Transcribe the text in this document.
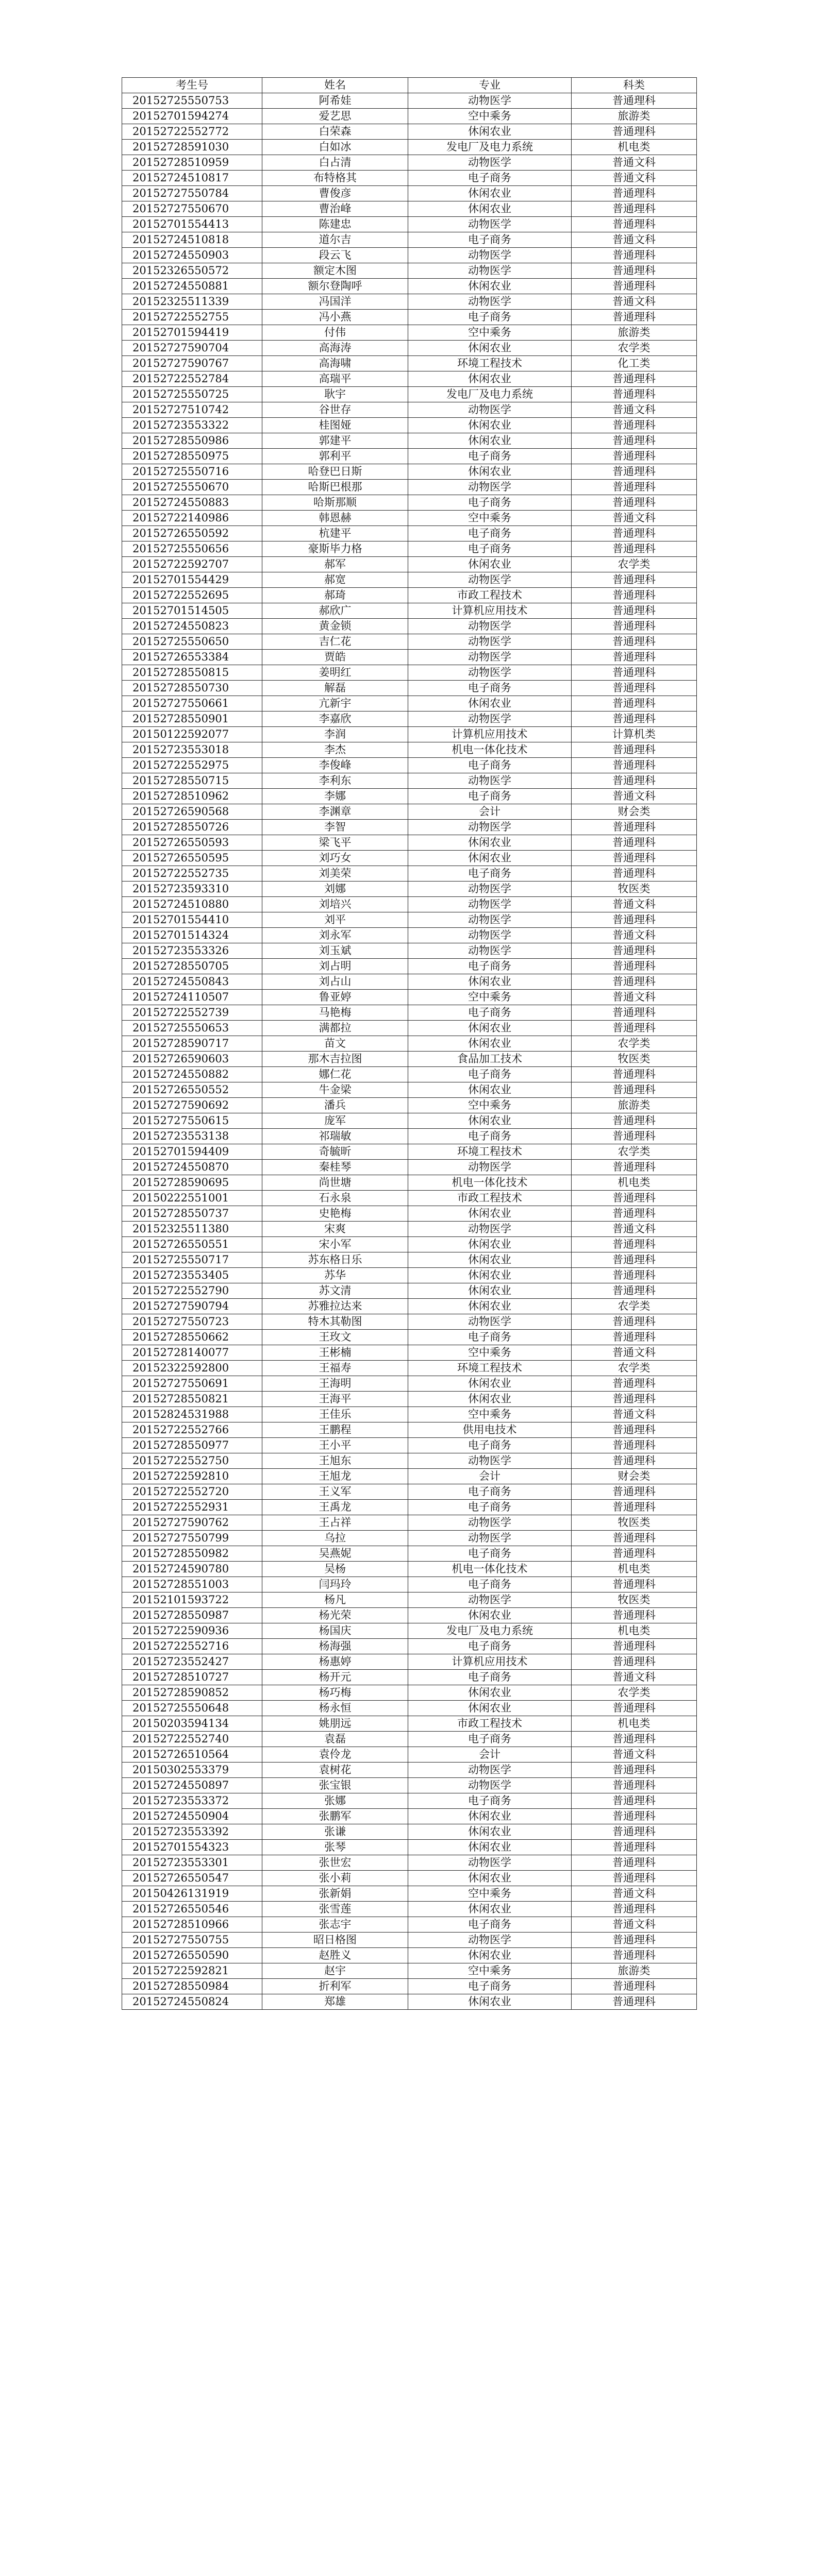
考生号	姓名	专业	科类
20152725550753	阿希娃	动物医学	普通理科
20152701594274	爱艺思	空中乘务	旅游类
20152722552772	白荣森	休闲农业	普通理科
20152728591030	白如冰	发电厂及电力系统	机电类
20152728510959	白占清	动物医学	普通文科
20152724510817	布特格其	电子商务	普通文科
20152727550784	曹俊彦	休闲农业	普通理科
20152727550670	曹治峰	休闲农业	普通理科
20152701554413	陈建忠	动物医学	普通理科
20152724510818	道尔吉	电子商务	普通文科
20152724550903	段云飞	动物医学	普通理科
20152326550572	额定木图	动物医学	普通理科
20152724550881	额尔登陶呼	休闲农业	普通理科
20152325511339	冯国洋	动物医学	普通文科
20152722552755	冯小燕	电子商务	普通理科
20152701594419	付伟	空中乘务	旅游类
20152727590704	高海涛	休闲农业	农学类
20152727590767	高海啸	环境工程技术	化工类
20152722552784	高瑞平	休闲农业	普通理科
20152725550725	耿宇	发电厂及电力系统	普通理科
20152727510742	谷世存	动物医学	普通文科
20152723553322	桂图娅	休闲农业	普通理科
20152728550986	郭建平	休闲农业	普通理科
20152728550975	郭利平	电子商务	普通理科
20152725550716	哈登巴日斯	休闲农业	普通理科
20152725550670	哈斯巴根那	动物医学	普通理科
20152724550883	哈斯那顺	电子商务	普通理科
20152722140986	韩恩赫	空中乘务	普通文科
20152726550592	杭建平	电子商务	普通理科
20152725550656	豪斯毕力格	电子商务	普通理科
20152722592707	郝军	休闲农业	农学类
20152701554429	郝宽	动物医学	普通理科
20152722552695	郝琦	市政工程技术	普通理科
20152701514505	郝欣广	计算机应用技术	普通理科
20152724550823	黄金锁	动物医学	普通理科
20152725550650	吉仁花	动物医学	普通理科
20152726553384	贾皓	动物医学	普通理科
20152728550815	姜明红	动物医学	普通理科
20152728550730	解磊	电子商务	普通理科
20152727550661	亢新宇	休闲农业	普通理科
20152728550901	李嘉欣	动物医学	普通理科
20150122592077	李润	计算机应用技术	计算机类
20152723553018	李杰	机电一体化技术	普通理科
20152722552975	李俊峰	电子商务	普通理科
20152728550715	李利东	动物医学	普通理科
20152728510962	李娜	电子商务	普通文科
20152726590568	李渊章	会计	财会类
20152728550726	李智	动物医学	普通理科
20152726550593	梁飞平	休闲农业	普通理科
20152726550595	刘巧女	休闲农业	普通理科
20152722552735	刘美荣	电子商务	普通理科
20152723593310	刘娜	动物医学	牧医类
20152724510880	刘培兴	动物医学	普通文科
20152701554410	刘平	动物医学	普通理科
20152701514324	刘永军	动物医学	普通文科
20152723553326	刘玉斌	动物医学	普通理科
20152728550705	刘占明	电子商务	普通理科
20152724550843	刘占山	休闲农业	普通理科
20152724110507	鲁亚婷	空中乘务	普通文科
20152722552739	马艳梅	电子商务	普通理科
20152725550653	满都拉	休闲农业	普通理科
20152728590717	苗文	休闲农业	农学类
20152726590603	那木吉拉图	食品加工技术	牧医类
20152724550882	娜仁花	电子商务	普通理科
20152726550552	牛金梁	休闲农业	普通理科
20152727590692	潘兵	空中乘务	旅游类
20152727550615	庞军	休闲农业	普通理科
20152723553138	祁瑞敏	电子商务	普通理科
20152701594409	奇毓昕	环境工程技术	农学类
20152724550870	秦桂琴	动物医学	普通理科
20152728590695	尚世塘	机电一体化技术	机电类
20150222551001	石永泉	市政工程技术	普通理科
20152728550737	史艳梅	休闲农业	普通理科
20152325511380	宋爽	动物医学	普通文科
20152726550551	宋小军	休闲农业	普通理科
20152725550717	苏东格日乐	休闲农业	普通理科
20152723553405	苏华	休闲农业	普通理科
20152722552790	苏文清	休闲农业	普通理科
20152727590794	苏雅拉达来	休闲农业	农学类
20152727550723	特木其勒图	动物医学	普通理科
20152728550662	王玫文	电子商务	普通理科
20152728140077	王彬楠	空中乘务	普通文科
20152322592800	王福寿	环境工程技术	农学类
20152727550691	王海明	休闲农业	普通理科
20152728550821	王海平	休闲农业	普通理科
20152824531988	王佳乐	空中乘务	普通文科
20152722552766	王鹏程	供用电技术	普通理科
20152728550977	王小平	电子商务	普通理科
20152722552750	王旭东	动物医学	普通理科
20152722592810	王旭龙	会计	财会类
20152722552720	王义军	电子商务	普通理科
20152722552931	王禹龙	电子商务	普通理科
20152727590762	王占祥	动物医学	牧医类
20152727550799	乌拉	动物医学	普通理科
20152728550982	吴燕妮	电子商务	普通理科
20152724590780	吴杨	机电一体化技术	机电类
20152728551003	闫玛玲	电子商务	普通理科
20152101593722	杨凡	动物医学	牧医类
20152728550987	杨光荣	休闲农业	普通理科
20152722590936	杨国庆	发电厂及电力系统	机电类
20152722552716	杨海强	电子商务	普通理科
20152723552427	杨惠婷	计算机应用技术	普通理科
20152728510727	杨开元	电子商务	普通文科
20152728590852	杨巧梅	休闲农业	农学类
20152725550648	杨永恒	休闲农业	普通理科
20150203594134	姚朋远	市政工程技术	机电类
20152722552740	袁磊	电子商务	普通理科
20152726510564	袁伶龙	会计	普通文科
20150302553379	袁树花	动物医学	普通理科
20152724550897	张宝银	动物医学	普通理科
20152723553372	张娜	电子商务	普通理科
20152724550904	张鹏军	休闲农业	普通理科
20152723553392	张谦	休闲农业	普通理科
20152701554323	张琴	休闲农业	普通理科
20152723553301	张世宏	动物医学	普通理科
20152726550547	张小莉	休闲农业	普通理科
20150426131919	张新娟	空中乘务	普通文科
20152726550546	张雪莲	休闲农业	普通理科
20152728510966	张志宇	电子商务	普通文科
20152727550755	昭日格图	动物医学	普通理科
20152726550590	赵胜义	休闲农业	普通理科
20152722592821	赵宇	空中乘务	旅游类
20152728550984	折利军	电子商务	普通理科
20152724550824	郑雄	休闲农业	普通理科
